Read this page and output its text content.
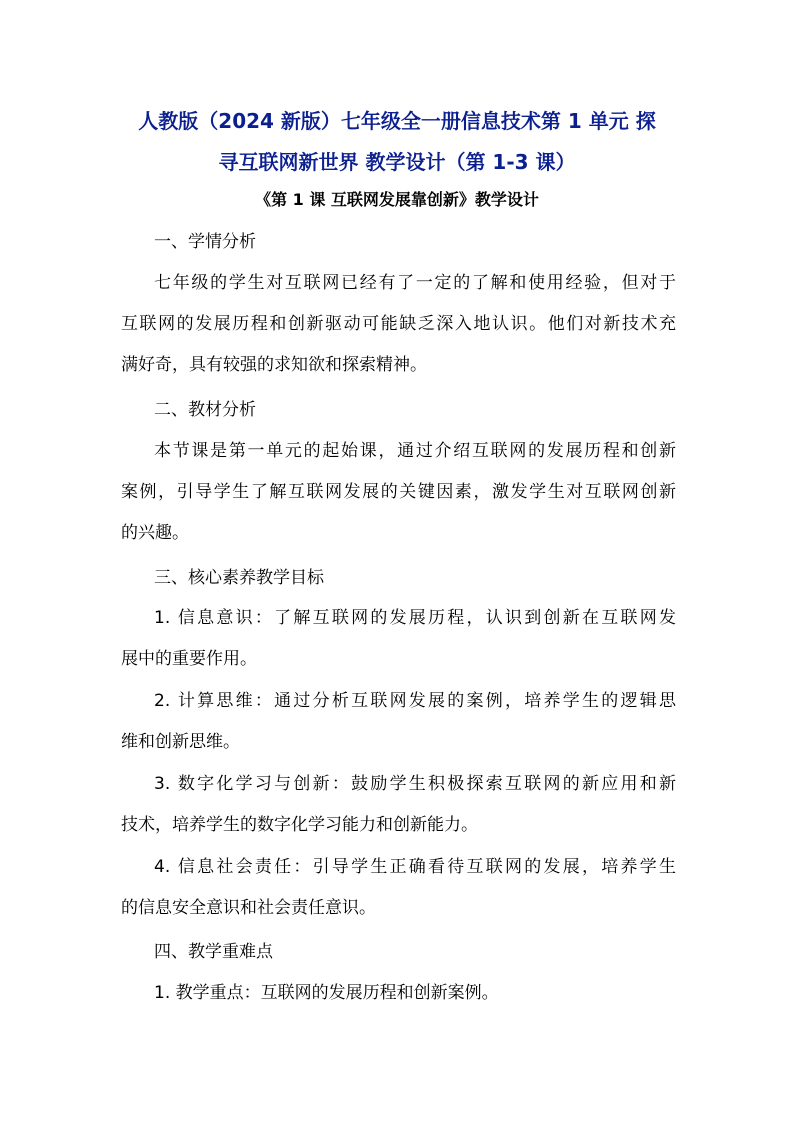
人教版（2024 新版）七年级全一册信息技术第 1 单元 探
寻互联网新世界 教学设计（第 1-3 课）
《第 1 课 互联网发展靠创新》教学设计
一、学情分析
七年级的学生对互联网已经有了一定的了解和使用经验，但对于
互联网的发展历程和创新驱动可能缺乏深入地认识。他们对新技术充
满好奇，具有较强的求知欲和探索精神。
二、教材分析
本节课是第一单元的起始课，通过介绍互联网的发展历程和创新
案例，引导学生了解互联网发展的关键因素，激发学生对互联网创新
的兴趣。
三、核心素养教学目标
1. 信息意识：了解互联网的发展历程，认识到创新在互联网发
展中的重要作用。
2. 计算思维：通过分析互联网发展的案例，培养学生的逻辑思
维和创新思维。
3. 数字化学习与创新：鼓励学生积极探索互联网的新应用和新
技术，培养学生的数字化学习能力和创新能力。
4. 信息社会责任：引导学生正确看待互联网的发展，培养学生
的信息安全意识和社会责任意识。
四、教学重难点
1. 教学重点：互联网的发展历程和创新案例。
